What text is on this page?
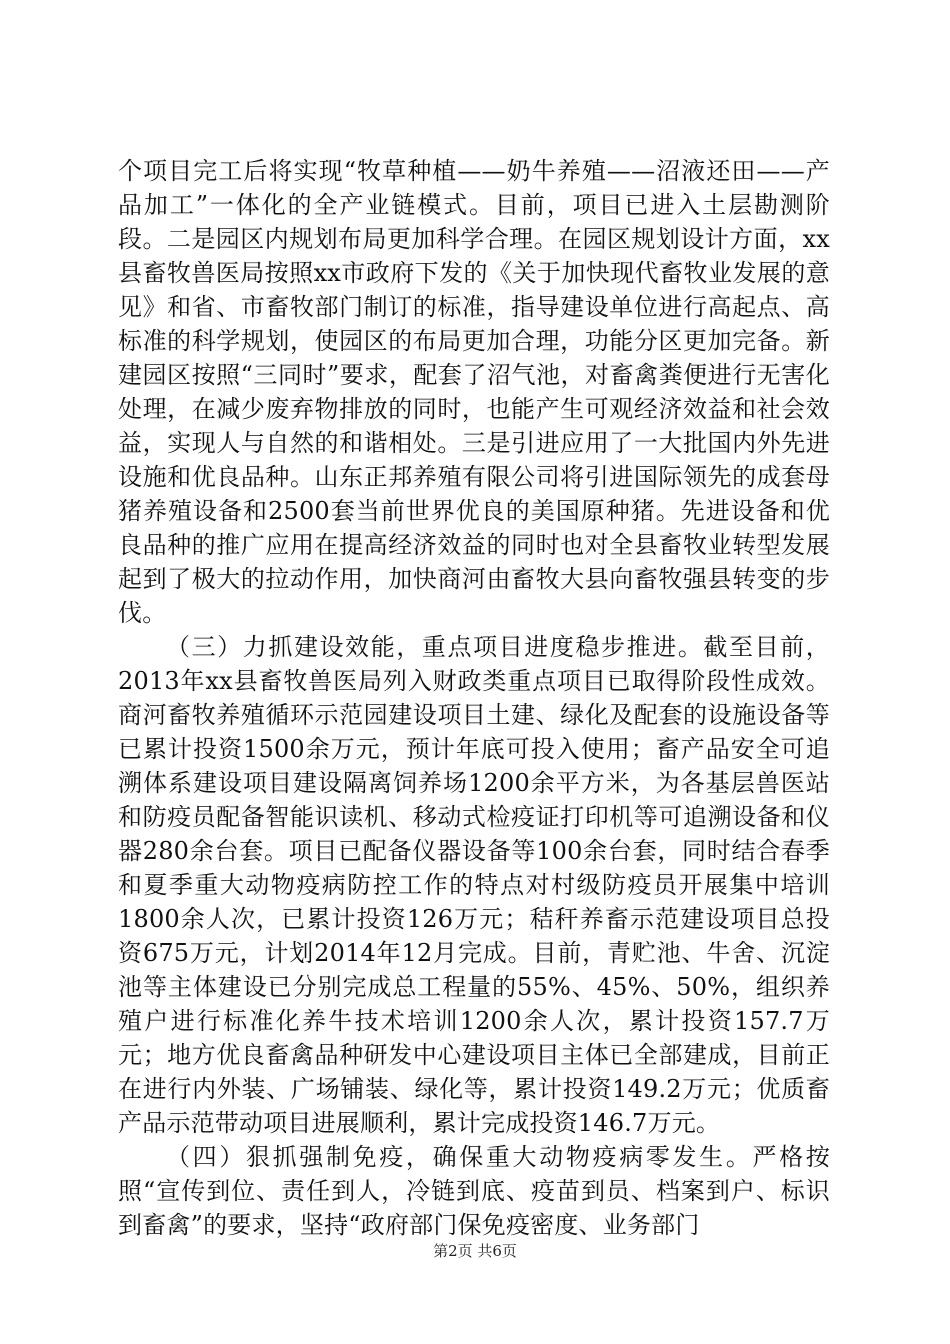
个项目完工后将实现“牧草种植——奶牛养殖——沼液还田——产品加工”一体化的全产业链模式。目前，项目已进入土层勘测阶段。二是园区内规划布局更加科学合理。在园区规划设计方面，xx县畜牧兽医局按照xx市政府下发的《关于加快现代畜牧业发展的意见》和省、市畜牧部门制订的标准，指导建设单位进行高起点、高标准的科学规划，使园区的布局更加合理，功能分区更加完备。新建园区按照“三同时”要求，配套了沼气池，对畜禽粪便进行无害化处理，在减少废弃物排放的同时，也能产生可观经济效益和社会效益，实现人与自然的和谐相处。三是引进应用了一大批国内外先进设施和优良品种。山东正邦养殖有限公司将引进国际领先的成套母猪养殖设备和2500套当前世界优良的美国原种猪。先进设备和优良品种的推广应用在提高经济效益的同时也对全县畜牧业转型发展起到了极大的拉动作用，加快商河由畜牧大县向畜牧强县转变的步伐。

（三）力抓建设效能，重点项目进度稳步推进。截至目前，2013年xx县畜牧兽医局列入财政类重点项目已取得阶段性成效。商河畜牧养殖循环示范园建设项目土建、绿化及配套的设施设备等已累计投资1500余万元，预计年底可投入使用；畜产品安全可追溯体系建设项目建设隔离饲养场1200余平方米，为各基层兽医站和防疫员配备智能识读机、移动式检疫证打印机等可追溯设备和仪器280余台套。项目已配备仪器设备等100余台套，同时结合春季和夏季重大动物疫病防控工作的特点对村级防疫员开展集中培训1800余人次，已累计投资126万元；秸秆养畜示范建设项目总投资675万元，计划2014年12月完成。目前，青贮池、牛舍、沉淀池等主体建设已分别完成总工程量的55%、45%、50%，组织养殖户进行标准化养牛技术培训1200余人次，累计投资157.7万元；地方优良畜禽品种研发中心建设项目主体已全部建成，目前正在进行内外装、广场铺装、绿化等，累计投资149.2万元；优质畜产品示范带动项目进展顺利，累计完成投资146.7万元。

（四）狠抓强制免疫，确保重大动物疫病零发生。严格按照“宣传到位、责任到人，冷链到底、疫苗到员、档案到户、标识到畜禽”的要求，坚持“政府部门保免疫密度、业务部门

第2页 共6页
